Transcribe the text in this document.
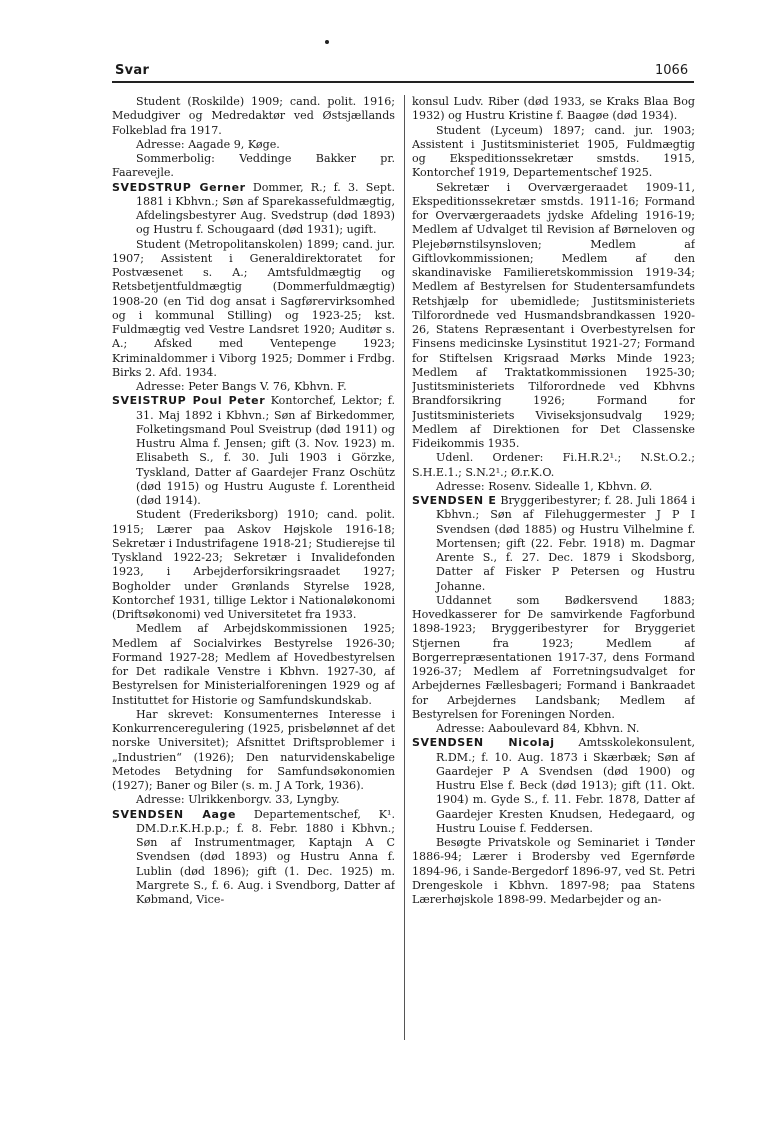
Svar	1066

Student (Roskilde) 1909; cand. polit. 1916; Medudgiver og Medredaktør ved Østsjællands Folkeblad fra 1917.

Adresse: Aagade 9, Køge.

Sommerbolig: Veddinge Bakker pr. Faarevejle.

SVEDSTRUP Gerner Dommer, R.; f. 3. Sept. 1881 i Kbhvn.; Søn af Sparekassefuldmægtig, Afdelingsbestyrer Aug. Svedstrup (død 1893) og Hustru f. Schougaard (død 1931); ugift.

Student (Metropolitanskolen) 1899; cand. jur. 1907; Assistent i Generaldirektoratet for Postvæsenet s. A.; Amtsfuldmægtig og Retsbetjentfuldmægtig (Dommerfuldmægtig) 1908-20 (en Tid dog ansat i Sagførervirksomhed og i kommunal Stilling) og 1923-25; kst. Fuldmægtig ved Vestre Landsret 1920; Auditør s. A.; Afsked med Ventepenge 1923; Kriminaldommer i Viborg 1925; Dommer i Frdbg. Birks 2. Afd. 1934.

Adresse: Peter Bangs V. 76, Kbhvn. F.

SVEISTRUP Poul Peter Kontorchef, Lektor; f. 31. Maj 1892 i Kbhvn.; Søn af Birkedommer, Folketingsmand Poul Sveistrup (død 1911) og Hustru Alma f. Jensen; gift (3. Nov. 1923) m. Elisabeth S., f. 30. Juli 1903 i Görzke, Tyskland, Datter af Gaardejer Franz Oschütz (død 1915) og Hustru Auguste f. Lorentheid (død 1914).

Student (Frederiksborg) 1910; cand. polit. 1915; Lærer paa Askov Højskole 1916-18; Sekretær i Industrifagene 1918-21; Studierejse til Tyskland 1922-23; Sekretær i Invalidefonden 1923, i Arbejderforsikringsraadet 1927; Bogholder under Grønlands Styrelse 1928, Kontorchef 1931, tillige Lektor i Nationaløkonomi (Driftsøkonomi) ved Universitetet fra 1933.

Medlem af Arbejdskommissionen 1925; Medlem af Socialvirkes Bestyrelse 1926-30; Formand 1927-28; Medlem af Hovedbestyrelsen for Det radikale Venstre i Kbhvn. 1927-30, af Bestyrelsen for Ministerialforeningen 1929 og af Instituttet for Historie og Samfundskundskab.

Har skrevet: Konsumenternes Interesse i Konkurrenceregulering (1925, prisbelønnet af det norske Universitet); Afsnittet Driftsproblemer i „Industrien“ (1926); Den naturvidenskabelige Metodes Betydning for Samfundsøkonomien (1927); Baner og Biler (s. m. J A Tork, 1936).

Adresse: Ulrikkenborgv. 33, Lyngby.

SVENDSEN Aage Departementschef, K¹. DM.D.r.K.H.p.p.; f. 8. Febr. 1880 i Kbhvn.; Søn af Instrumentmager, Kaptajn A C Svendsen (død 1893) og Hustru Anna f. Lublin (død 1896); gift (1. Dec. 1925) m. Margrete S., f. 6. Aug. i Svendborg, Datter af Købmand, Vice-

konsul Ludv. Riber (død 1933, se Kraks Blaa Bog 1932) og Hustru Kristine f. Baagøe (død 1934).

Student (Lyceum) 1897; cand. jur. 1903; Assistent i Justitsministeriet 1905, Fuldmægtig og Ekspeditionssekretær smstds. 1915, Kontorchef 1919, Departementschef 1925.

Sekretær i Overværgeraadet 1909-11, Ekspeditionssekretær smstds. 1911-16; Formand for Overværgeraadets jydske Afdeling 1916-19; Medlem af Udvalget til Revision af Børneloven og Plejebørnstilsynsloven; Medlem af Giftlovkommissionen; Medlem af den skandinaviske Familieretskommission 1919-34; Medlem af Bestyrelsen for Studentersamfundets Retshjælp for ubemidlede; Justitsministeriets Tilforordnede ved Husmandsbrandkassen 1920-26, Statens Repræsentant i Overbestyrelsen for Finsens medicinske Lysinstitut 1921-27; Formand for Stiftelsen Krigsraad Mørks Minde 1923; Medlem af Traktatkommissionen 1925-30; Justitsministeriets Tilforordnede ved Kbhvns Brandforsikring 1926; Formand for Justitsministeriets Viviseksjonsudvalg 1929; Medlem af Direktionen for Det Classenske Fideikommis 1935.

Udenl. Ordener: Fi.H.R.2¹.; N.St.O.2.; S.H.E.1.; S.N.2¹.; Ø.r.K.O.

Adresse: Rosenv. Sidealle 1, Kbhvn. Ø.

SVENDSEN E Bryggeribestyrer; f. 28. Juli 1864 i Kbhvn.; Søn af Filehuggermester J P I Svendsen (død 1885) og Hustru Vilhelmine f. Mortensen; gift (22. Febr. 1918) m. Dagmar Arente S., f. 27. Dec. 1879 i Skodsborg, Datter af Fisker P Petersen og Hustru Johanne.

Uddannet som Bødkersvend 1883; Hovedkasserer for De samvirkende Fagforbund 1898-1923; Bryggeribestyrer for Bryggeriet Stjernen fra 1923; Medlem af Borgerrepræsentationen 1917-37, dens Formand 1926-37; Medlem af Forretningsudvalget for Arbejdernes Fællesbageri; Formand i Bankraadet for Arbejdernes Landsbank; Medlem af Bestyrelsen for Foreningen Norden.

Adresse: Aaboulevard 84, Kbhvn. N.

SVENDSEN Nicolaj Amtsskolekonsulent, R.DM.; f. 10. Aug. 1873 i Skærbæk; Søn af Gaardejer P A Svendsen (død 1900) og Hustru Else f. Beck (død 1913); gift (11. Okt. 1904) m. Gyde S., f. 11. Febr. 1878, Datter af Gaardejer Kresten Knudsen, Hedegaard, og Hustru Louise f. Feddersen.

Besøgte Privatskole og Seminariet i Tønder 1886-94; Lærer i Brodersby ved Egernførde 1894-96, i Sande-Bergedorf 1896-97, ved St. Petri Drengeskole i Kbhvn. 1897-98; paa Statens Lærerhøjskole 1898-99. Medarbejder og an-
